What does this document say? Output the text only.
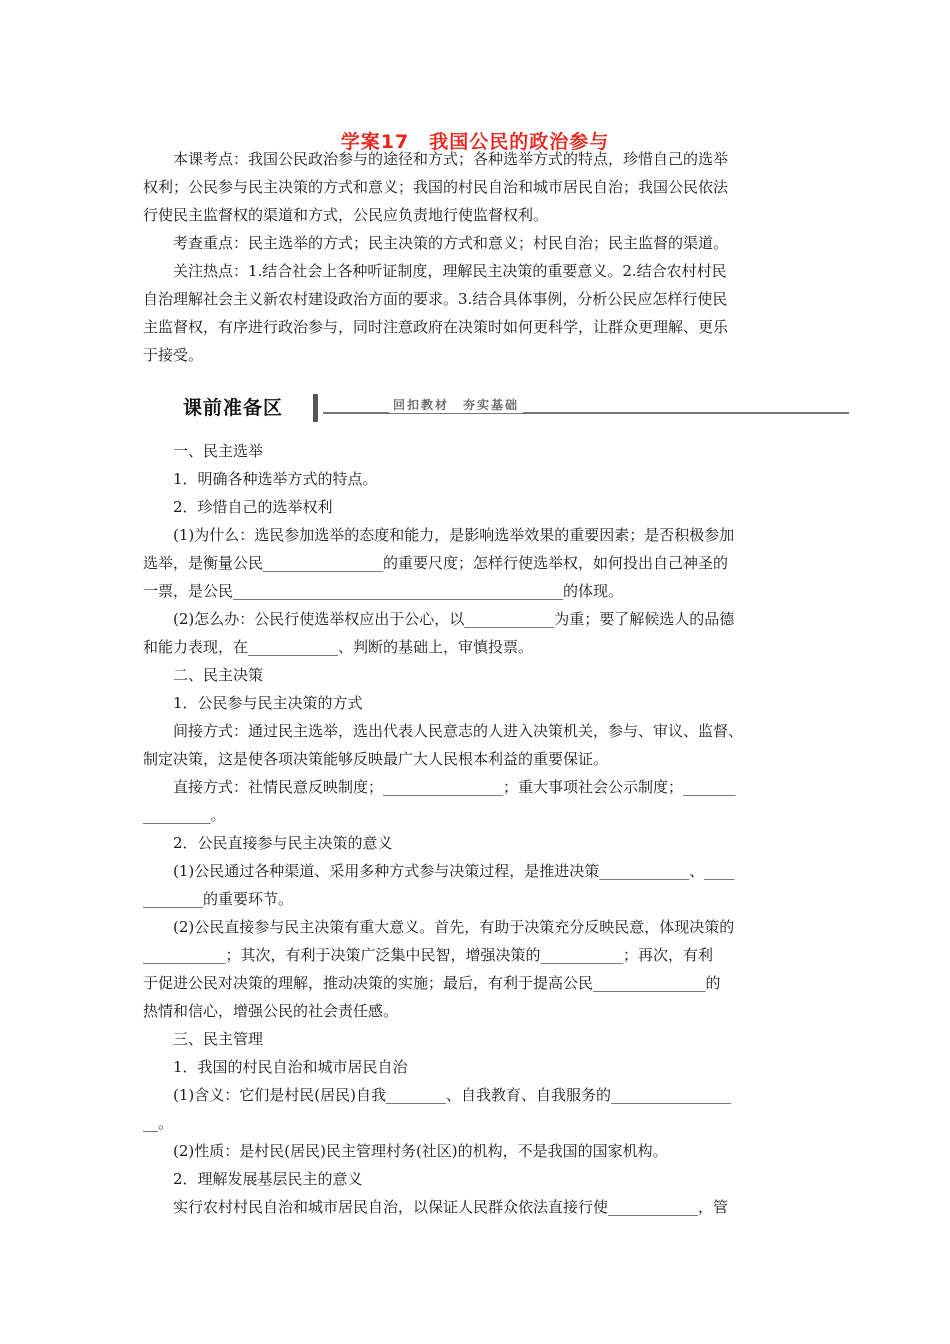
学案17　我国公民的政治参与
本课考点：我国公民政治参与的途径和方式；各种选举方式的特点，珍惜自己的选举
权利；公民参与民主决策的方式和意义；我国的村民自治和城市居民自治；我国公民依法
行使民主监督权的渠道和方式，公民应负责地行使监督权利。
考查重点：民主选举的方式；民主决策的方式和意义；村民自治；民主监督的渠道。
关注热点：1.结合社会上各种听证制度，理解民主决策的重要意义。2.结合农村村民
自治理解社会主义新农村建设政治方面的要求。3.结合具体事例，分析公民应怎样行使民
主监督权，有序进行政治参与，同时注意政府在决策时如何更科学，让群众更理解、更乐
于接受。
课前准备区	回扣教材　夯实基础
一、民主选举
1．明确各种选举方式的特点。
2．珍惜自己的选举权利
(1)为什么：选民参加选举的态度和能力，是影响选举效果的重要因素；是否积极参加
选举，是衡量公民________________的重要尺度；怎样行使选举权，如何投出自己神圣的
一票，是公民____________________________________________的体现。
(2)怎么办：公民行使选举权应出于公心，以____________为重；要了解候选人的品德
和能力表现，在____________、判断的基础上，审慎投票。
二、民主决策
1．公民参与民主决策的方式
间接方式：通过民主选举，选出代表人民意志的人进入决策机关，参与、审议、监督、
制定决策，这是使各项决策能够反映最广大人民根本利益的重要保证。
直接方式：社情民意反映制度；________________；重大事项社会公示制度；_______
_________。
2．公民直接参与民主决策的意义
(1)公民通过各种渠道、采用多种方式参与决策过程，是推进决策____________、____
________的重要环节。
(2)公民直接参与民主决策有重大意义。首先，有助于决策充分反映民意，体现决策的
___________；其次，有利于决策广泛集中民智，增强决策的___________；再次，有利
于促进公民对决策的理解，推动决策的实施；最后，有利于提高公民_______________的
热情和信心，增强公民的社会责任感。
三、民主管理
1．我国的村民自治和城市居民自治
(1)含义：它们是村民(居民)自我________、自我教育、自我服务的________________
__。
(2)性质：是村民(居民)民主管理村务(社区)的机构，不是我国的国家机构。
2．理解发展基层民主的意义
实行农村村民自治和城市居民自治，以保证人民群众依法直接行使____________，管
